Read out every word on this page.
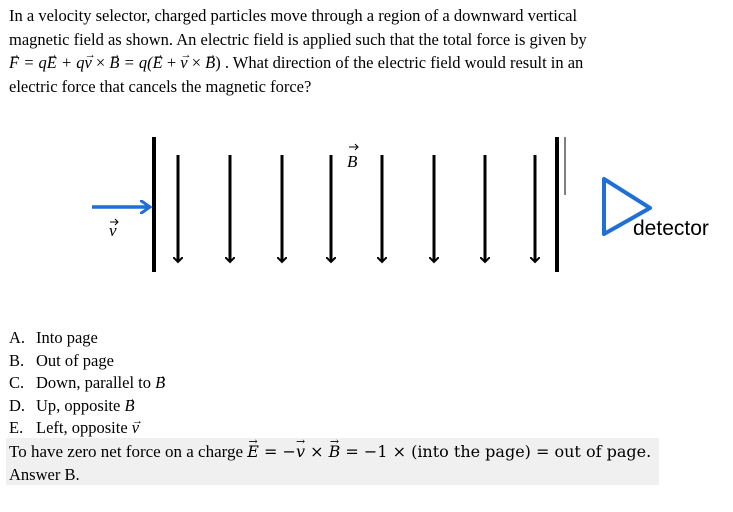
In a velocity selector, charged particles move through a region of a downward vertical

magnetic field as shown. An electric field is applied such that the total force is given by

→ F = q→ E + q→ v × → B = q(→ E + → v × → B) . What direction of the electric field would result in an

electric force that cancels the magnetic force?

B
v	detector
A. Into page
B. Out of page
C. Down, parallel to → B
D. Up, opposite → B
E. Left, opposite → v
To have zero net force on a charge → E = −→ v × → B = −1 × (into the page) = out of page.
Answer B.
